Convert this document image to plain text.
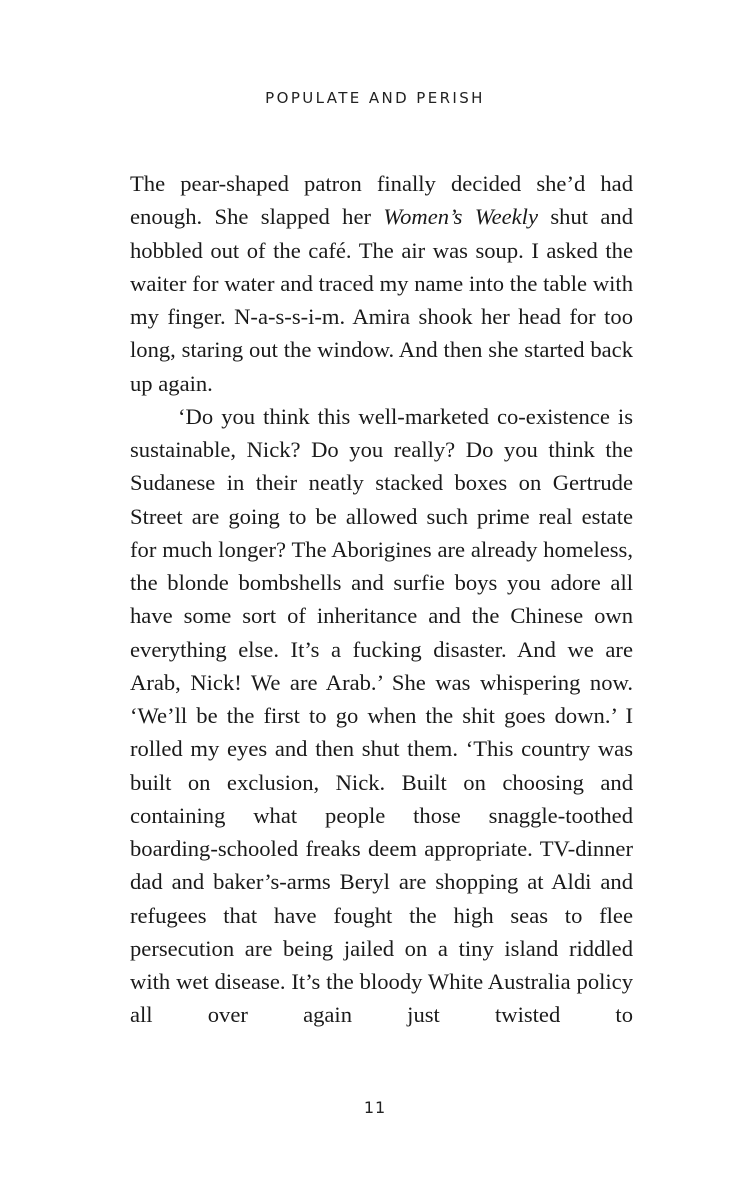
POPULATE AND PERISH

The pear-shaped patron finally decided she’d had enough. She slapped her Women’s Weekly shut and hobbled out of the café. The air was soup. I asked the waiter for water and traced my name into the table with my finger. N-a-s-s-i-m. Amira shook her head for too long, staring out the window. And then she started back up again.

‘Do you think this well-marketed co-existence is sustainable, Nick? Do you really? Do you think the Sudanese in their neatly stacked boxes on Gertrude Street are going to be allowed such prime real estate for much longer? The Aborigines are already homeless, the blonde bombshells and surfie boys you adore all have some sort of inheritance and the Chinese own everything else. It’s a fucking disaster. And we are Arab, Nick! We are Arab.’ She was whispering now. ‘We’ll be the first to go when the shit goes down.’ I rolled my eyes and then shut them. ‘This country was built on exclusion, Nick. Built on choosing and containing what people those snaggle-toothed boarding-schooled freaks deem appropriate. TV-dinner dad and baker’s-arms Beryl are shopping at Aldi and refugees that have fought the high seas to flee persecution are being jailed on a tiny island riddled with wet disease. It’s the bloody White Australia policy all over again just twisted to

11
